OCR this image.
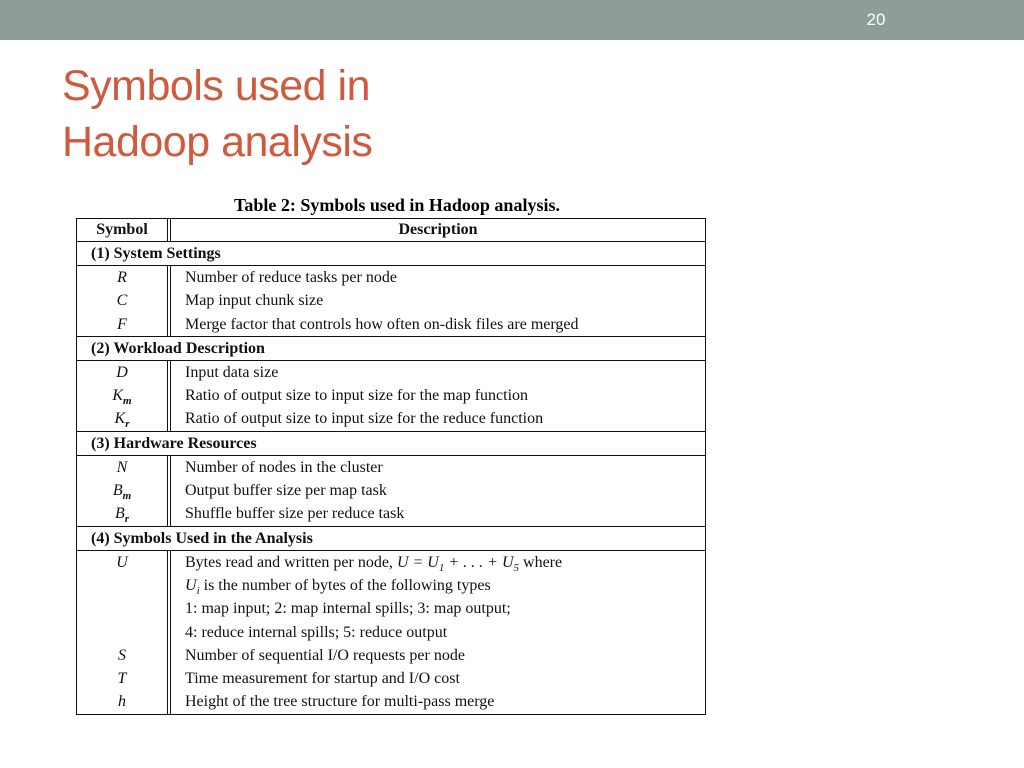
20
Symbols used in
Hadoop analysis
Table 2: Symbols used in Hadoop analysis.
Symbol	Description
(1) System Settings
R	Number of reduce tasks per node
C	Map input chunk size
F	Merge factor that controls how often on-disk files are merged
(2) Workload Description
D	Input data size
$K_m$	Ratio of output size to input size for the map function
$K_r$	Ratio of output size to input size for the reduce function
(3) Hardware Resources
N	Number of nodes in the cluster
$B_m$	Output buffer size per map task
$B_r$	Shuffle buffer size per reduce task
(4) Symbols Used in the Analysis
U	Bytes read and written per node, $U = U_1$ + . . . + $U_5$ where
$U_i$ is the number of bytes of the following types
1: map input; 2: map internal spills; 3: map output;
4: reduce internal spills; 5: reduce output
S	Number of sequential I/O requests per node
T	Time measurement for startup and I/O cost
h	Height of the tree structure for multi-pass merge
